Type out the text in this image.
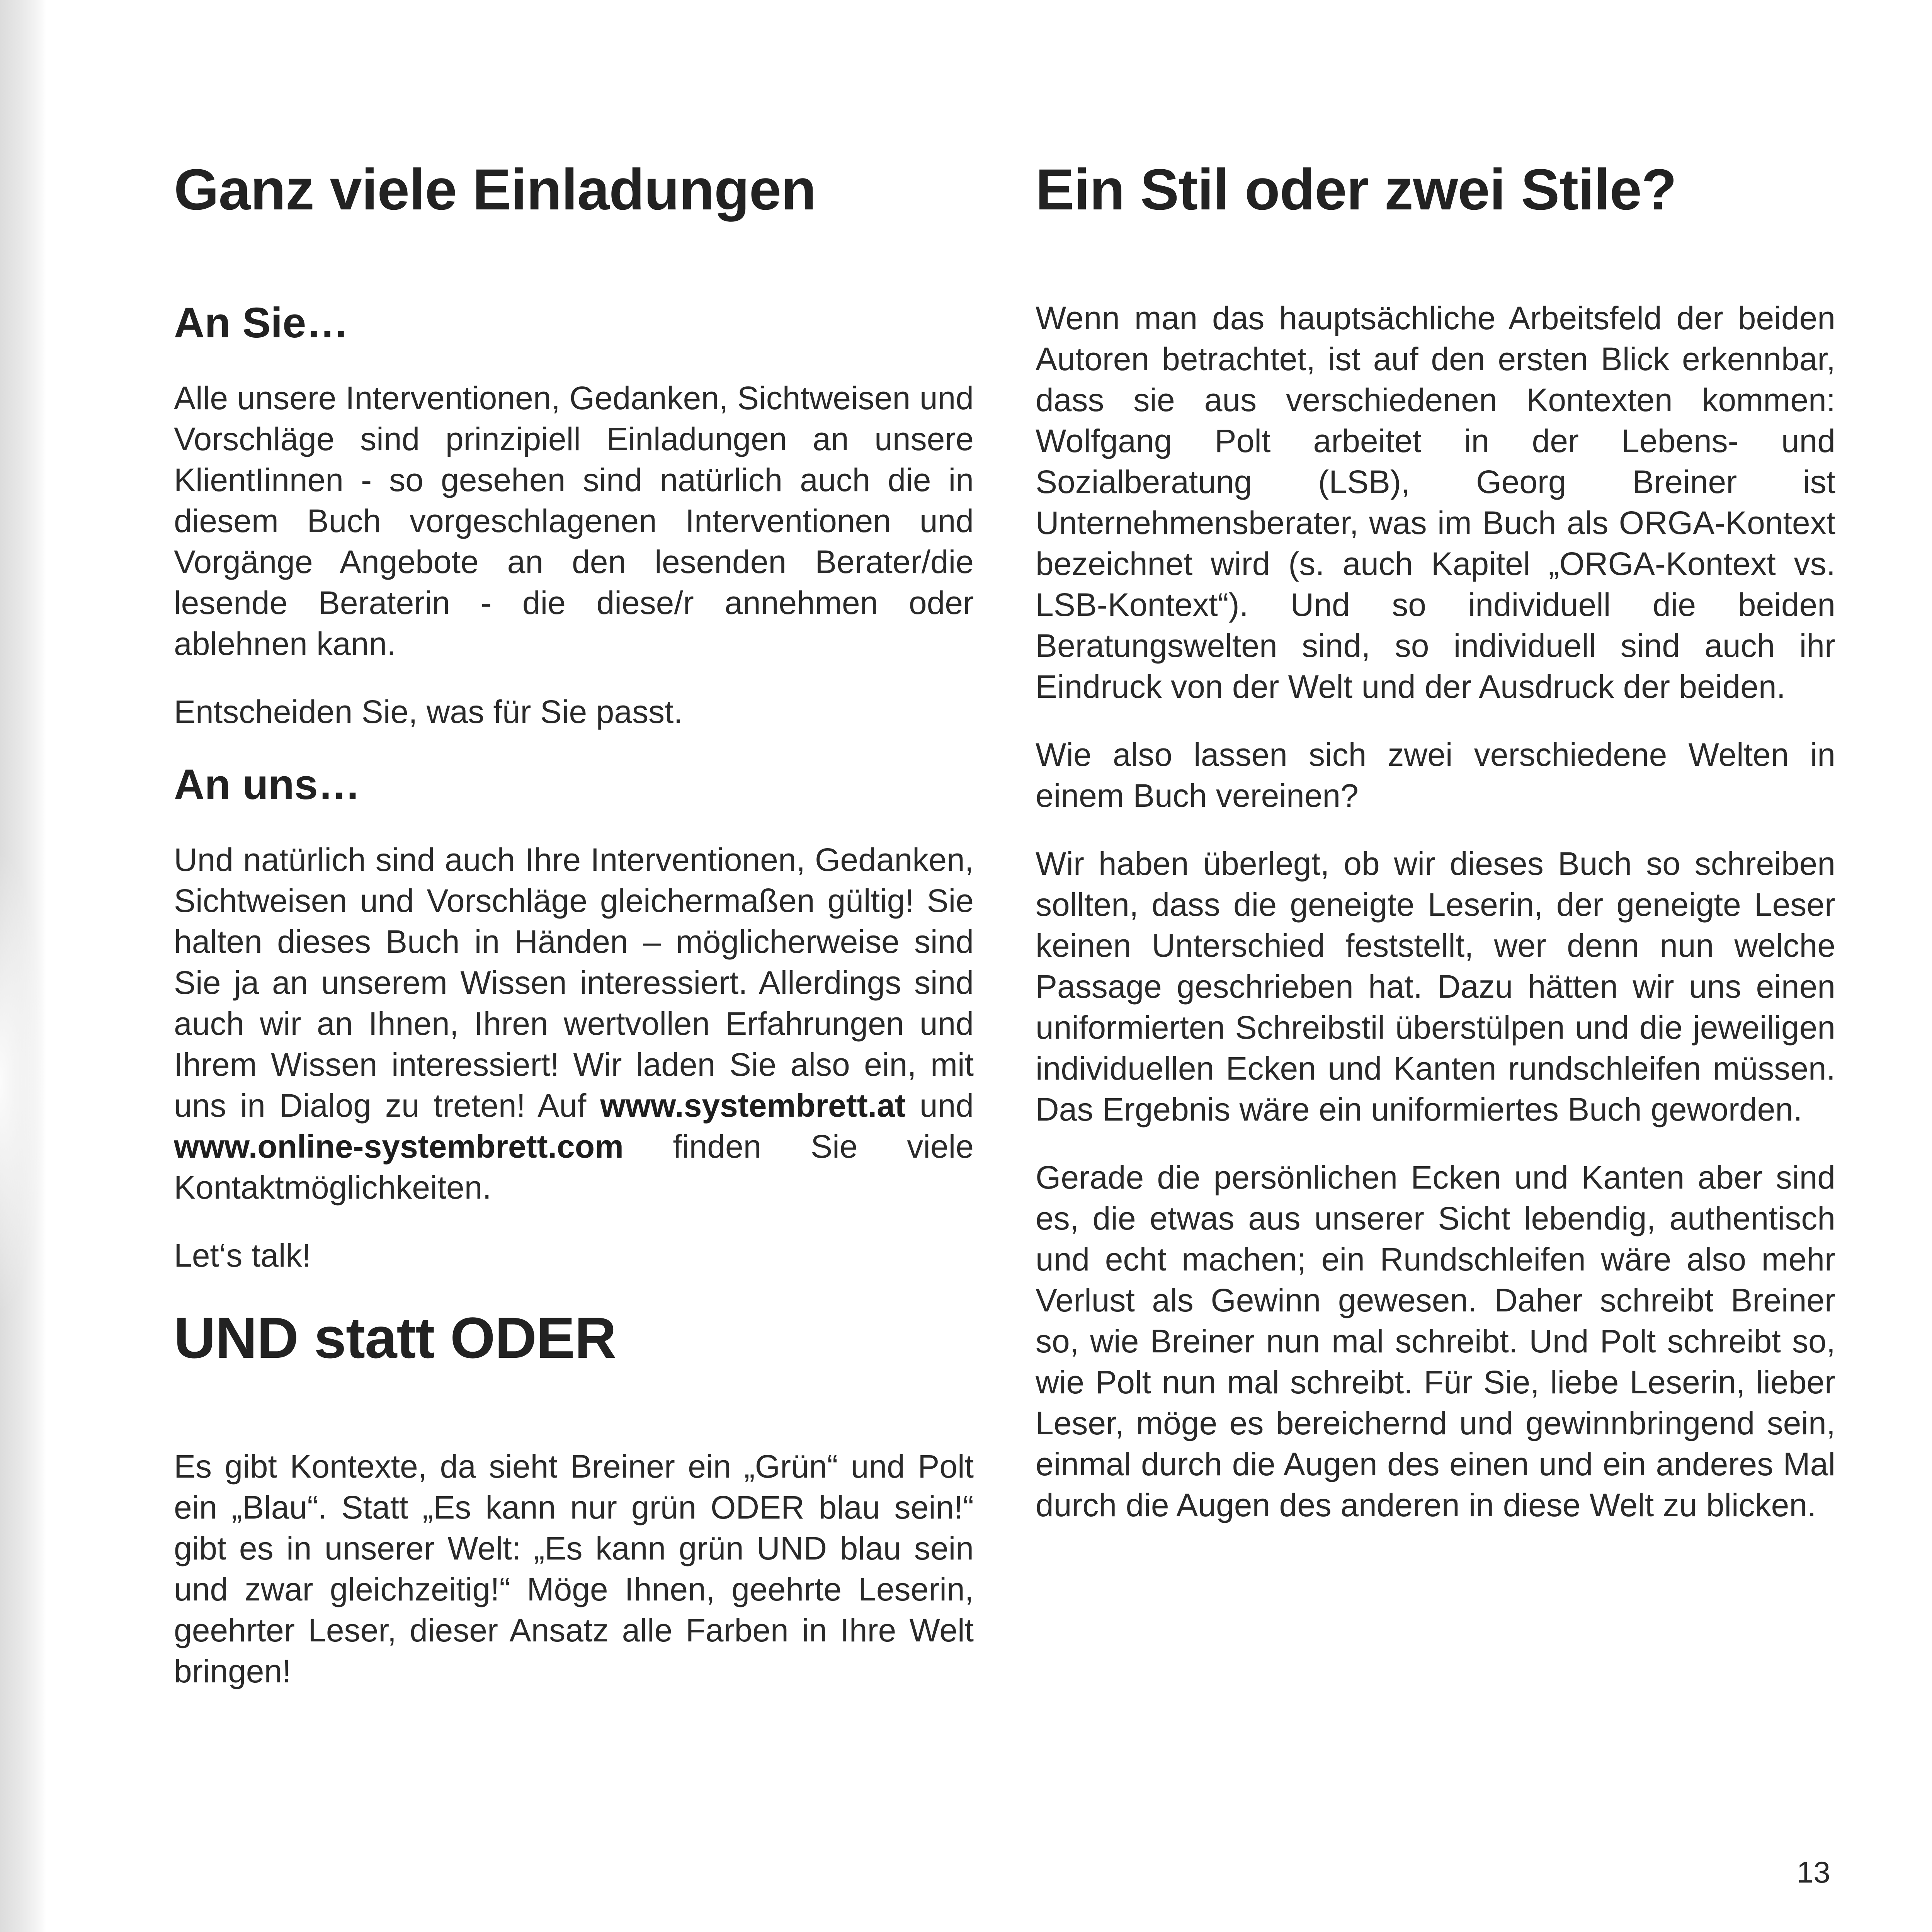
Ganz viele Einladungen
An Sie…

Alle unsere Interventionen, Gedanken, Sichtweisen und Vorschläge sind prinzipiell Einladungen an unsere KlientIinnen - so gesehen sind natürlich auch die in diesem Buch vorgeschlagenen Interventionen und Vorgänge Angebote an den lesenden Berater/die lesende Beraterin - die diese/r annehmen oder ablehnen kann.

Entscheiden Sie, was für Sie passt.

An uns…

Und natürlich sind auch Ihre Interventionen, Gedanken, Sichtweisen und Vorschläge gleichermaßen gültig! Sie halten dieses Buch in Händen – möglicherweise sind Sie ja an unserem Wissen interessiert. Allerdings sind auch wir an Ihnen, Ihren wertvollen Erfahrungen und Ihrem Wissen interessiert! Wir laden Sie also ein, mit uns in Dialog zu treten! Auf www.systembrett.at und www.online-systembrett.com finden Sie viele Kontaktmöglichkeiten.

Let‘s talk!

UND statt ODER

Es gibt Kontexte, da sieht Breiner ein „Grün“ und Polt ein „Blau“. Statt „Es kann nur grün ODER blau sein!“ gibt es in unserer Welt: „Es kann grün UND blau sein und zwar gleichzeitig!“ Möge Ihnen, geehrte Leserin, geehrter Leser, dieser Ansatz alle Farben in Ihre Welt bringen!

Ein Stil oder zwei Stile?

Wenn man das hauptsächliche Arbeitsfeld der beiden Autoren betrachtet, ist auf den ersten Blick erkennbar, dass sie aus verschiedenen Kontexten kommen: Wolfgang Polt arbeitet in der Lebens- und Sozialberatung (LSB), Georg Breiner ist Unternehmensberater, was im Buch als ORGA-Kontext bezeichnet wird (s. auch Kapitel „ORGA-Kontext vs. LSB-Kontext“). Und so individuell die beiden Beratungswelten sind, so individuell sind auch ihr Eindruck von der Welt und der Ausdruck der beiden.

Wie also lassen sich zwei verschiedene Welten in einem Buch vereinen?

Wir haben überlegt, ob wir dieses Buch so schreiben sollten, dass die geneigte Leserin, der geneigte Leser keinen Unterschied feststellt, wer denn nun welche Passage geschrieben hat. Dazu hätten wir uns einen uniformierten Schreibstil überstülpen und die jeweiligen individuellen Ecken und Kanten rundschleifen müssen. Das Ergebnis wäre ein uniformiertes Buch geworden.

Gerade die persönlichen Ecken und Kanten aber sind es, die etwas aus unserer Sicht lebendig, authentisch und echt machen; ein Rundschleifen wäre also mehr Verlust als Gewinn gewesen. Daher schreibt Breiner so, wie Breiner nun mal schreibt. Und Polt schreibt so, wie Polt nun mal schreibt. Für Sie, liebe Leserin, lieber Leser, möge es bereichernd und gewinnbringend sein, einmal durch die Augen des einen und ein anderes Mal durch die Augen des anderen in diese Welt zu blicken.

13
